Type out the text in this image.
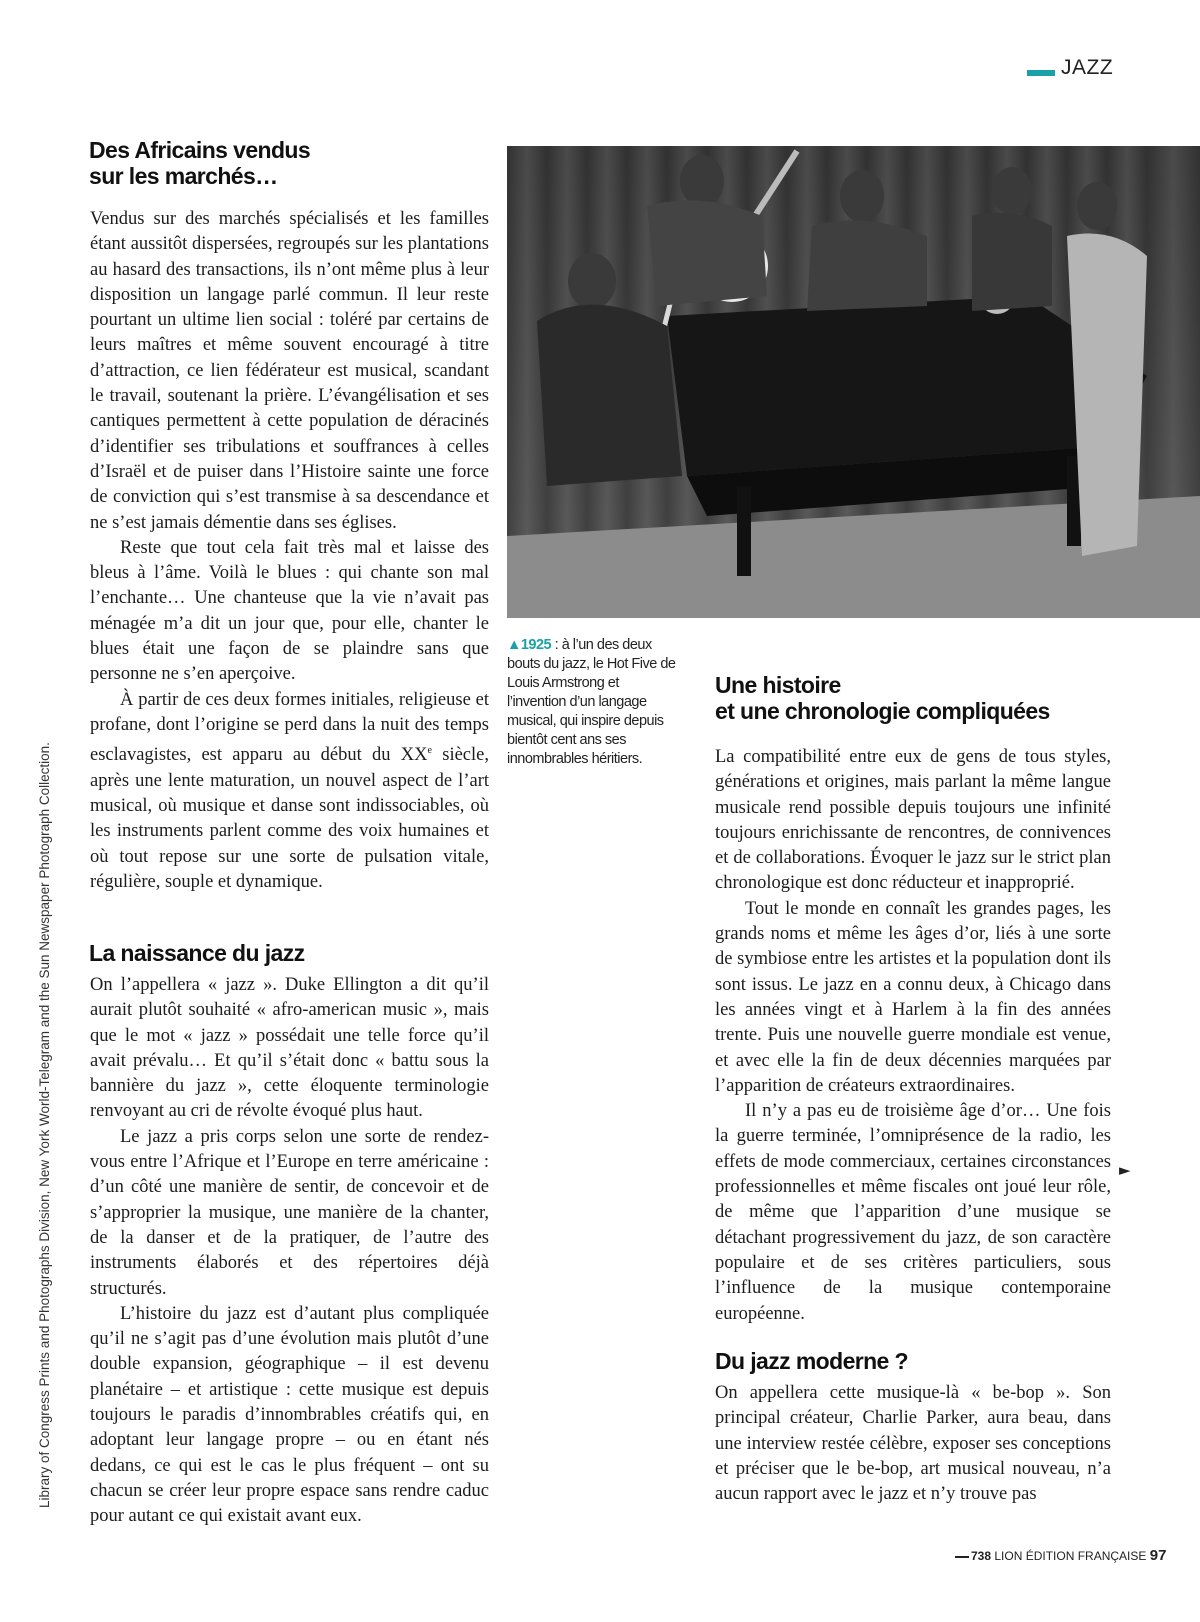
JAZZ
Des Africains vendus
sur les marchés…

Vendus sur des marchés spécialisés et les familles étant aussitôt dispersées, regroupés sur les plantations au hasard des transactions, ils n’ont même plus à leur disposition un langage parlé commun. Il leur reste pourtant un ultime lien social : toléré par certains de leurs maîtres et même souvent encouragé à titre d’attraction, ce lien fédérateur est musical, scandant le travail, soutenant la prière. L’évangélisation et ses cantiques permettent à cette population de déracinés d’identifier ses tribulations et souffrances à celles d’Israël et de puiser dans l’Histoire sainte une force de conviction qui s’est transmise à sa descendance et ne s’est jamais démentie dans ses églises.

Reste que tout cela fait très mal et laisse des bleus à l’âme. Voilà le blues : qui chante son mal l’enchante… Une chanteuse que la vie n’avait pas ménagée m’a dit un jour que, pour elle, chanter le blues était une façon de se plaindre sans que personne ne s’en aperçoive.

À partir de ces deux formes initiales, religieuse et profane, dont l’origine se perd dans la nuit des temps esclavagistes, est apparu au début du XXe siècle, après une lente maturation, un nouvel aspect de l’art musical, où musique et danse sont indissociables, où les instruments parlent comme des voix humaines et où tout repose sur une sorte de pulsation vitale, régulière, souple et dynamique.

La naissance du jazz

On l’appellera « jazz ». Duke Ellington a dit qu’il aurait plutôt souhaité « afro-american music », mais que le mot « jazz » possédait une telle force qu’il avait prévalu… Et qu’il s’était donc « battu sous la bannière du jazz », cette éloquente terminologie renvoyant au cri de révolte évoqué plus haut.

Le jazz a pris corps selon une sorte de rendez-vous entre l’Afrique et l’Europe en terre américaine : d’un côté une manière de sentir, de concevoir et de s’approprier la musique, une manière de la chanter, de la danser et de la pratiquer, de l’autre des instruments élaborés et des répertoires déjà structurés.

L’histoire du jazz est d’autant plus compliquée qu’il ne s’agit pas d’une évolution mais plutôt d’une double expansion, géographique – il est devenu planétaire – et artistique : cette musique est depuis toujours le paradis d’innombrables créatifs qui, en adoptant leur langage propre – ou en étant nés dedans, ce qui est le cas le plus fréquent – ont su chacun se créer leur propre espace sans rendre caduc pour autant ce qui existait avant eux.

▲1925 : à l’un des deux bouts du jazz, le Hot Five de Louis Armstrong et l’invention d’un langage musical, qui inspire depuis bientôt cent ans ses innombrables héritiers.
Une histoire
et une chronologie compliquées

La compatibilité entre eux de gens de tous styles, générations et origines, mais parlant la même langue musicale rend possible depuis toujours une infinité toujours enrichissante de rencontres, de connivences et de collaborations. Évoquer le jazz sur le strict plan chronologique est donc réducteur et inapproprié.

Tout le monde en connaît les grandes pages, les grands noms et même les âges d’or, liés à une sorte de symbiose entre les artistes et la population dont ils sont issus. Le jazz en a connu deux, à Chicago dans les années vingt et à Harlem à la fin des années trente. Puis une nouvelle guerre mondiale est venue, et avec elle la fin de deux décennies marquées par l’apparition de créateurs extraordinaires.

Il n’y a pas eu de troisième âge d’or… Une fois la guerre terminée, l’omniprésence de la radio, les effets de mode commerciaux, certaines circonstances professionnelles et même fiscales ont joué leur rôle, de même que l’apparition d’une musique se détachant progressivement du jazz, de son caractère populaire et de ses critères particuliers, sous l’influence de la musique contemporaine européenne.

Du jazz moderne ?

On appellera cette musique-là « be-bop ». Son principal créateur, Charlie Parker, aura beau, dans une interview restée célèbre, exposer ses conceptions et préciser que le be-bop, art musical nouveau, n’a aucun rapport avec le jazz et n’y trouve pas

►
Library of Congress Prints and Photographs Division, New York World-Telegram and the Sun Newspaper Photograph Collection.
738 LION ÉDITION FRANÇAISE 97
